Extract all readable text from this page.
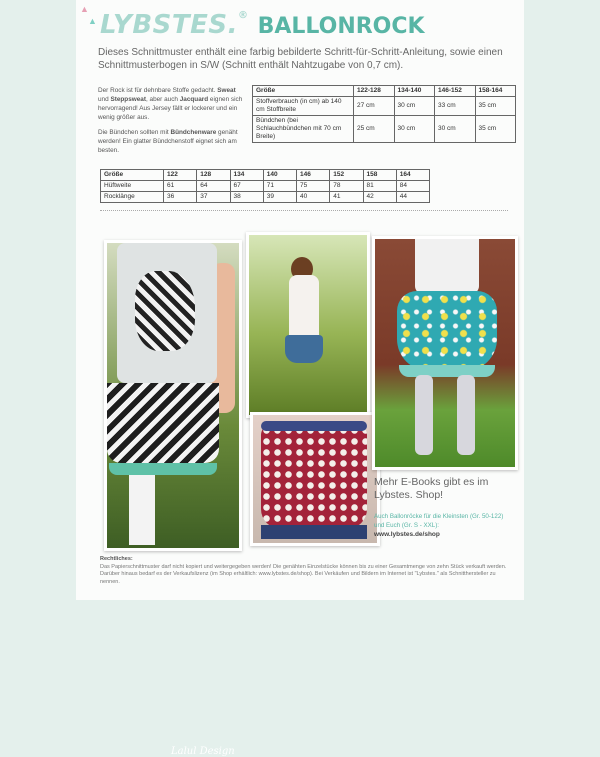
▲
▲ LYBSTES.® BALLONROCK
Dieses Schnittmuster enthält eine farbig bebilderte Schritt-für-Schritt-Anleitung, sowie einen Schnittmusterbogen in S/W (Schnitt enthält Nahtzugabe von 0,7 cm).

Der Rock ist für dehnbare Stoffe gedacht. Sweat und Steppsweat, aber auch Jacquard eignen sich hervorragend! Aus Jersey fällt er lockerer und ein wenig größer aus.

Die Bündchen sollten mit Bündchenware genäht werden! Ein glatter Bündchenstoff eignet sich am besten.

Größe	122-128	134-140	146-152	158-164
Stoffverbrauch (in cm) ab 140 cm Stoffbreite	27 cm	30 cm	33 cm	35 cm
Bündchen (bei Schlauchbündchen mit 70 cm Breite)	25 cm	30 cm	30 cm	35 cm
Größe	122	128	134	140	146	152	158	164
Hüftweite	61	64	67	71	75	78	81	84
Rocklänge	36	37	38	39	40	41	42	44
Lalul Design
Mehr E-Books gibt es im Lybstes. Shop!
Auch Ballonröcke für die Kleinsten (Gr. 50-122) und Euch (Gr. S - XXL):
www.lybstes.de/shop
Rechtliches:
Das Papierschnittmuster darf nicht kopiert und weitergegeben werden! Die genähten Einzelstücke können bis zu einer Gesamtmenge von zehn Stück verkauft werden. Darüber hinaus bedarf es der Verkaufslizenz (im Shop erhältlich: www.lybstes.de/shop). Bei Verkäufen und Bildern im Internet ist "Lybstes." als Schnitthersteller zu nennen.
